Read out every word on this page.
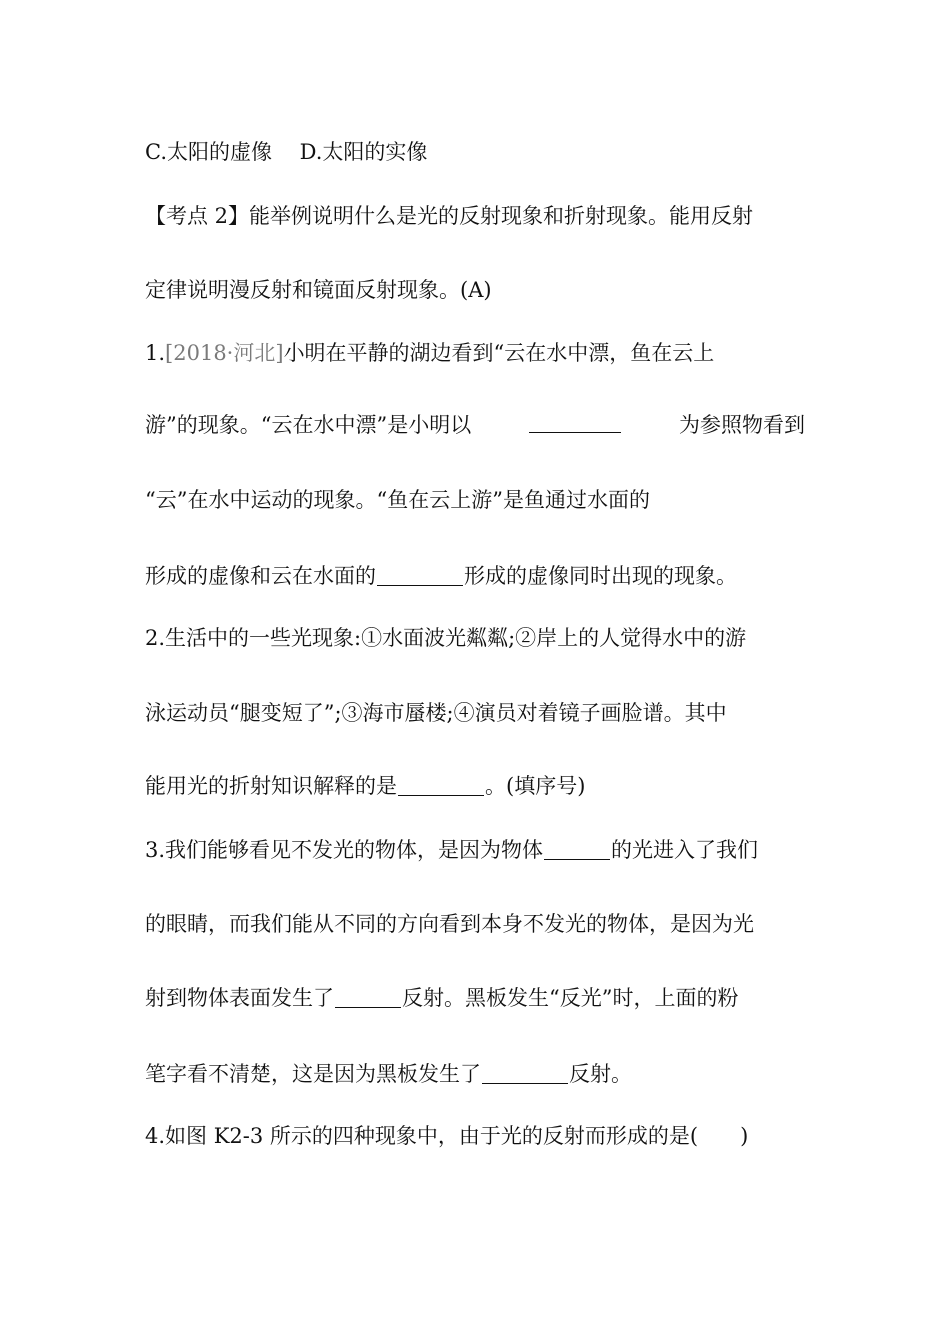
C.太阳的虚像　 D.太阳的实像
【考点 2】能举例说明什么是光的反射现象和折射现象。能用反射
定律说明漫反射和镜面反射现象。(A)
1.[2018·河北]小明在平静的湖边看到“云在水中漂，鱼在云上
游”的现象。“云在水中漂”是小明以	为参照物看到
“云”在水中运动的现象。“鱼在云上游”是鱼通过水面的
形成的虚像和云在水面的	形成的虚像同时出现的现象。
2.生活中的一些光现象:①水面波光粼粼;②岸上的人觉得水中的游
泳运动员“腿变短了”;③海市蜃楼;④演员对着镜子画脸谱。其中
能用光的折射知识解释的是	。(填序号)
3.我们能够看见不发光的物体，是因为物体	的光进入了我们
的眼睛，而我们能从不同的方向看到本身不发光的物体，是因为光
射到物体表面发生了	反射。黑板发生“反光”时，上面的粉
笔字看不清楚，这是因为黑板发生了	反射。
4.如图 K2-3 所示的四种现象中，由于光的反射而形成的是(　　)
